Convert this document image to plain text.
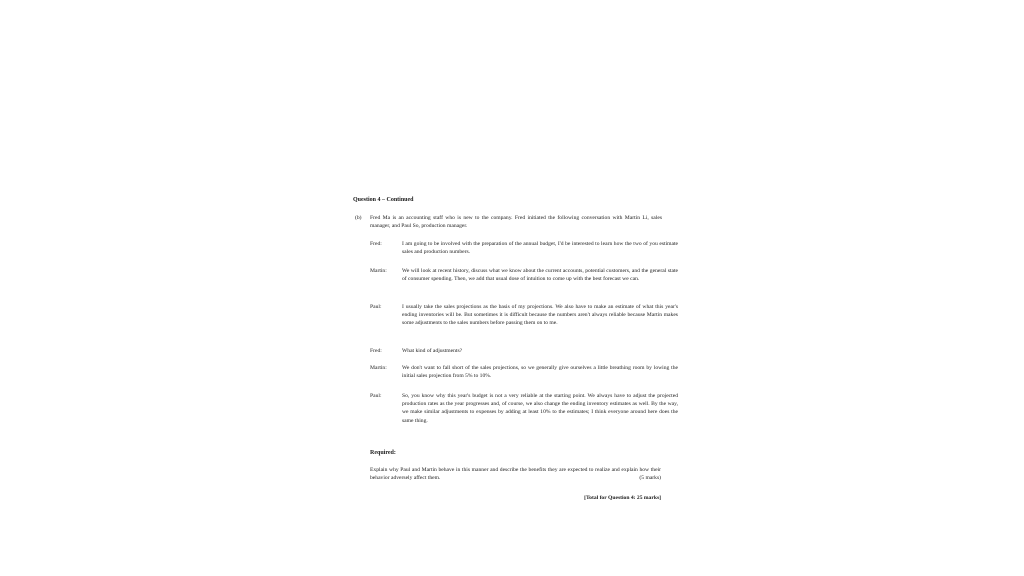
Question 4 – Continued
(b) Fred Ma is an accounting staff who is new to the company. Fred initiated the following conversation with Martin Li, sales manager, and Paul So, production manager.
Fred:	I am going to be involved with the preparation of the annual budget, I'd be interested to learn how the two of you estimate sales and production numbers.
Martin:	We will look at recent history, discuss what we know about the current accounts, potential customers, and the general state of consumer spending. Then, we add that usual dose of intuition to come up with the best forecast we can.
Paul:	I usually take the sales projections as the basis of my projections. We also have to make an estimate of what this year's ending inventories will be. But sometimes it is difficult because the numbers aren't always reliable because Martin makes some adjustments to the sales numbers before passing them on to me.
Fred:	What kind of adjustments?
Martin:	We don't want to fall short of the sales projections, so we generally give ourselves a little breathing room by lowing the initial sales projection from 5% to 10%.
Paul:	So, you know why this year's budget is not a very reliable at the starting point. We always have to adjust the projected production rates as the year progresses and, of course, we also change the ending inventory estimates as well. By the way, we make similar adjustments to expenses by adding at least 10% to the estimates; I think everyone around here does the same thing.
Required:
Explain why Paul and Martin behave in this manner and describe the benefits they are expected to realize and explain how their behavior adversely affect them.	(5 marks)
[Total for Question 4: 25 marks]
